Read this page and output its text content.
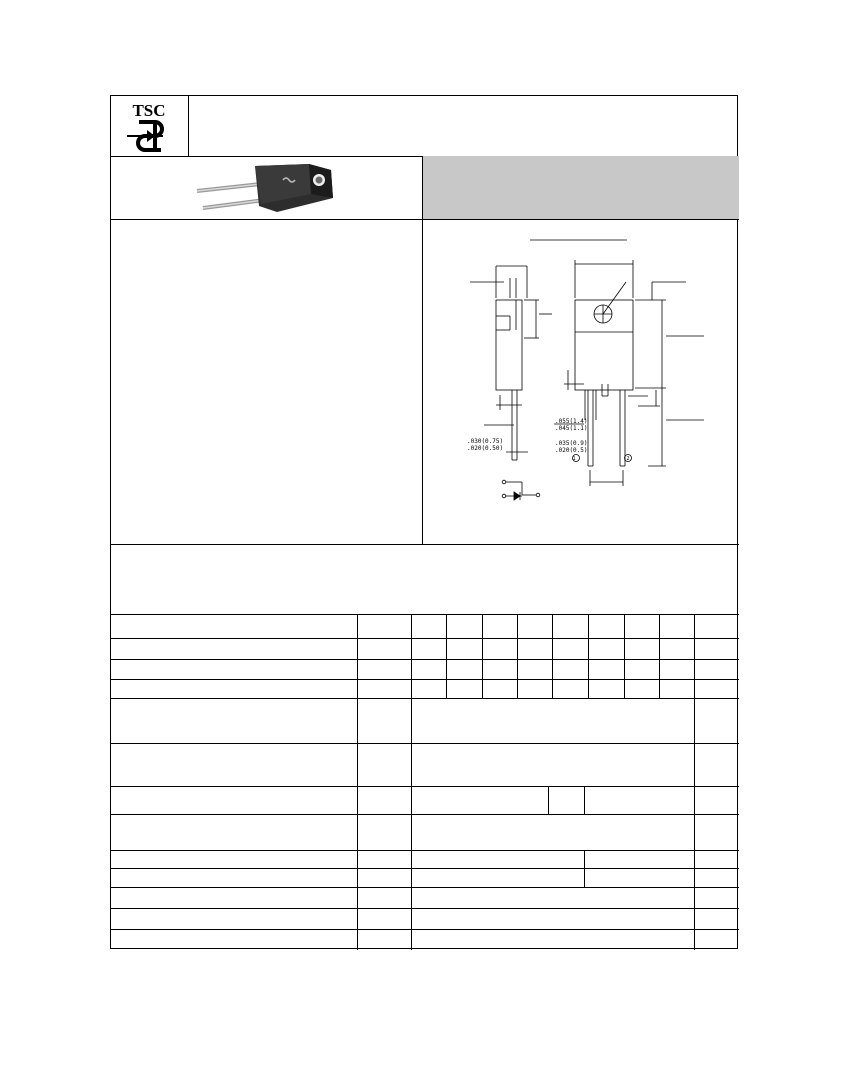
TSC
.055(1.4)
.045(1.1)
.035(0.9)
.020(0.5)
.030(0.75)
.020(0.50)
1	2
